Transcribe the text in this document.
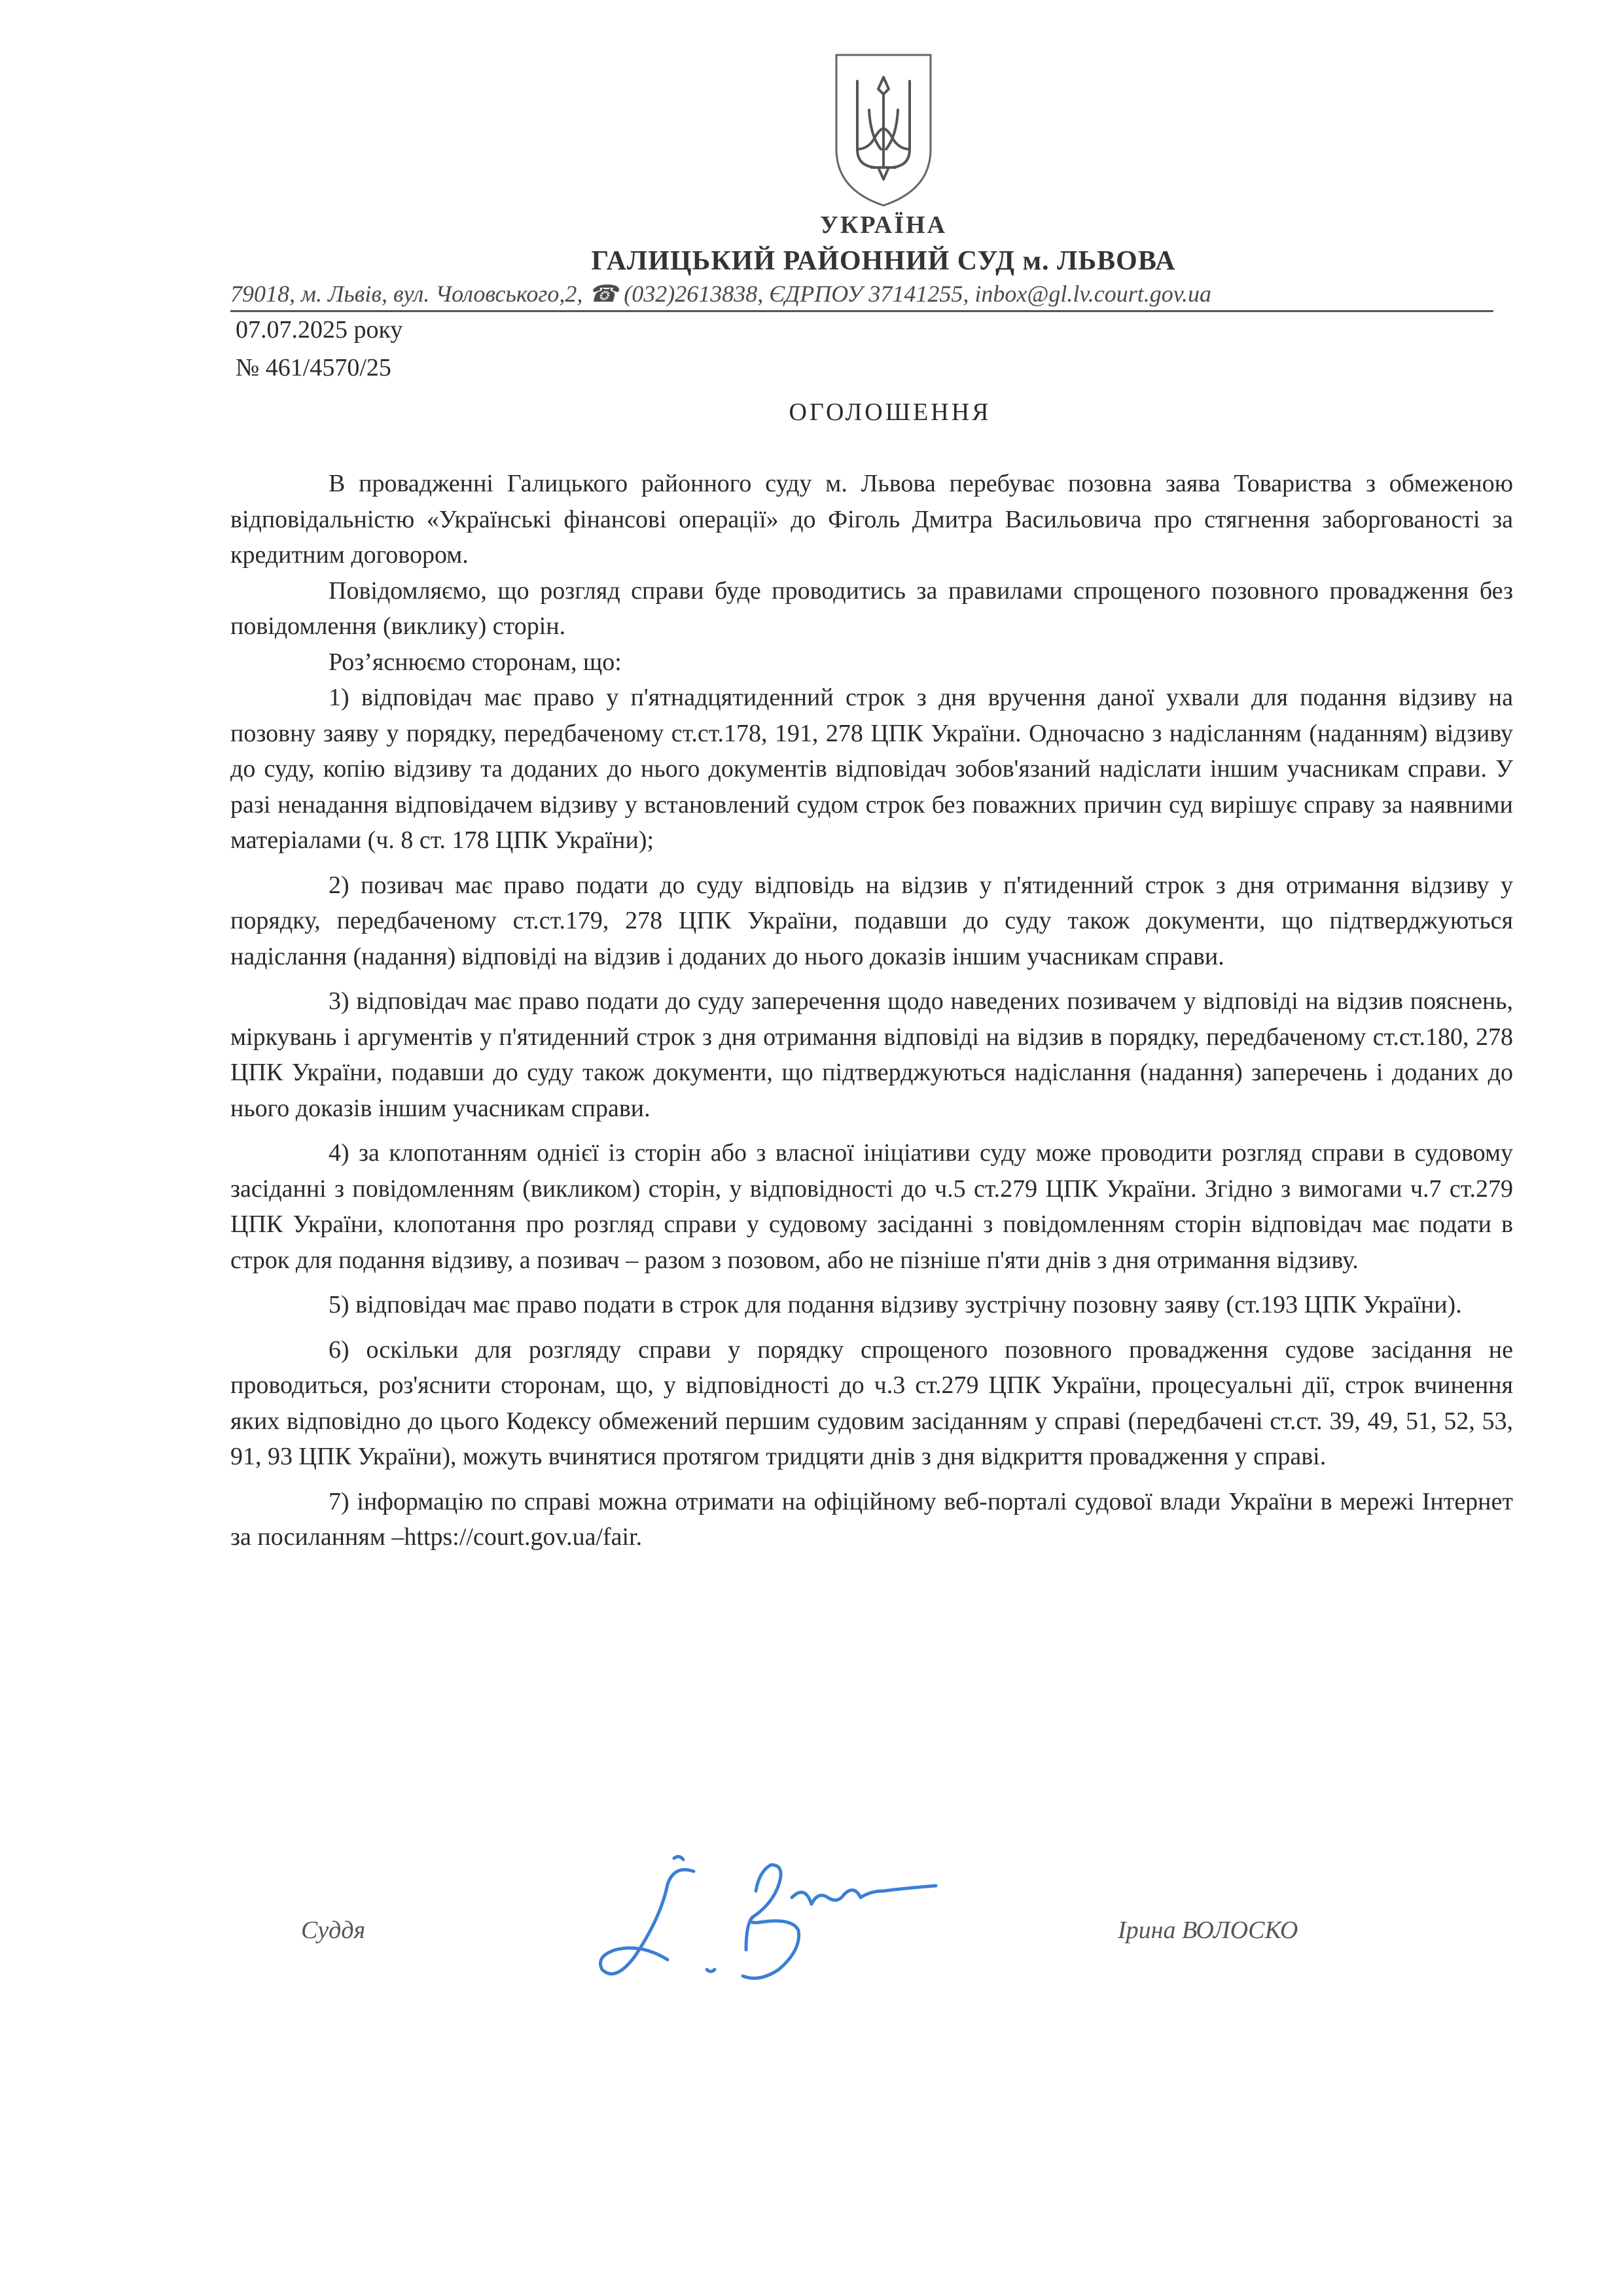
УКРАЇНА
ГАЛИЦЬКИЙ РАЙОННИЙ СУД м. ЛЬВОВА
79018, м. Львів, вул. Чоловського,2, ☎ (032)2613838, ЄДРПОУ 37141255, inbox@gl.lv.court.gov.ua
07.07.2025 року
№ 461/4570/25
ОГОЛОШЕННЯ

В провадженні Галицького районного суду м. Львова перебуває позовна заява Товариства з обмеженою відповідальністю «Українські фінансові операції» до Фіголь Дмитра Васильовича про стягнення заборгованості за кредитним договором.

Повідомляємо, що розгляд справи буде проводитись за правилами спрощеного позовного провадження без повідомлення (виклику) сторін.

Роз’яснюємо сторонам, що:

1) відповідач має право у п'ятнадцятиденний строк з дня вручення даної ухвали для подання відзиву на позовну заяву у порядку, передбаченому ст.ст.178, 191, 278 ЦПК України. Одночасно з надісланням (наданням) відзиву до суду, копію відзиву та доданих до нього документів відповідач зобов'язаний надіслати іншим учасникам справи. У разі ненадання відповідачем відзиву у встановлений судом строк без поважних причин суд вирішує справу за наявними матеріалами (ч. 8 ст. 178 ЦПК України);

2) позивач має право подати до суду відповідь на відзив у п'ятиденний строк з дня отримання відзиву у порядку, передбаченому ст.ст.179, 278 ЦПК України, подавши до суду також документи, що підтверджуються надіслання (надання) відповіді на відзив і доданих до нього доказів іншим учасникам справи.

3) відповідач має право подати до суду заперечення щодо наведених позивачем у відповіді на відзив пояснень, міркувань і аргументів у п'ятиденний строк з дня отримання відповіді на відзив в порядку, передбаченому ст.ст.180, 278 ЦПК України, подавши до суду також документи, що підтверджуються надіслання (надання) заперечень і доданих до нього доказів іншим учасникам справи.

4) за клопотанням однієї із сторін або з власної ініціативи суду може проводити розгляд справи в судовому засіданні з повідомленням (викликом) сторін, у відповідності до ч.5 ст.279 ЦПК України. Згідно з вимогами ч.7 ст.279 ЦПК України, клопотання про розгляд справи у судовому засіданні з повідомленням сторін відповідач має подати в строк для подання відзиву, а позивач – разом з позовом, або не пізніше п'яти днів з дня отримання відзиву.

5) відповідач має право подати в строк для подання відзиву зустрічну позовну заяву (ст.193 ЦПК України).

6) оскільки для розгляду справи у порядку спрощеного позовного провадження судове засідання не проводиться, роз'яснити сторонам, що, у відповідності до ч.3 ст.279 ЦПК України, процесуальні дії, строк вчинення яких відповідно до цього Кодексу обмежений першим судовим засіданням у справі (передбачені ст.ст. 39, 49, 51, 52, 53, 91, 93 ЦПК України), можуть вчинятися протягом тридцяти днів з дня відкриття провадження у справі.

7) інформацію по справі можна отримати на офіційному веб-порталі судової влади України в мережі Інтернет за посиланням –https://court.gov.ua/fair.

Суддя	Ірина ВОЛОСКО
